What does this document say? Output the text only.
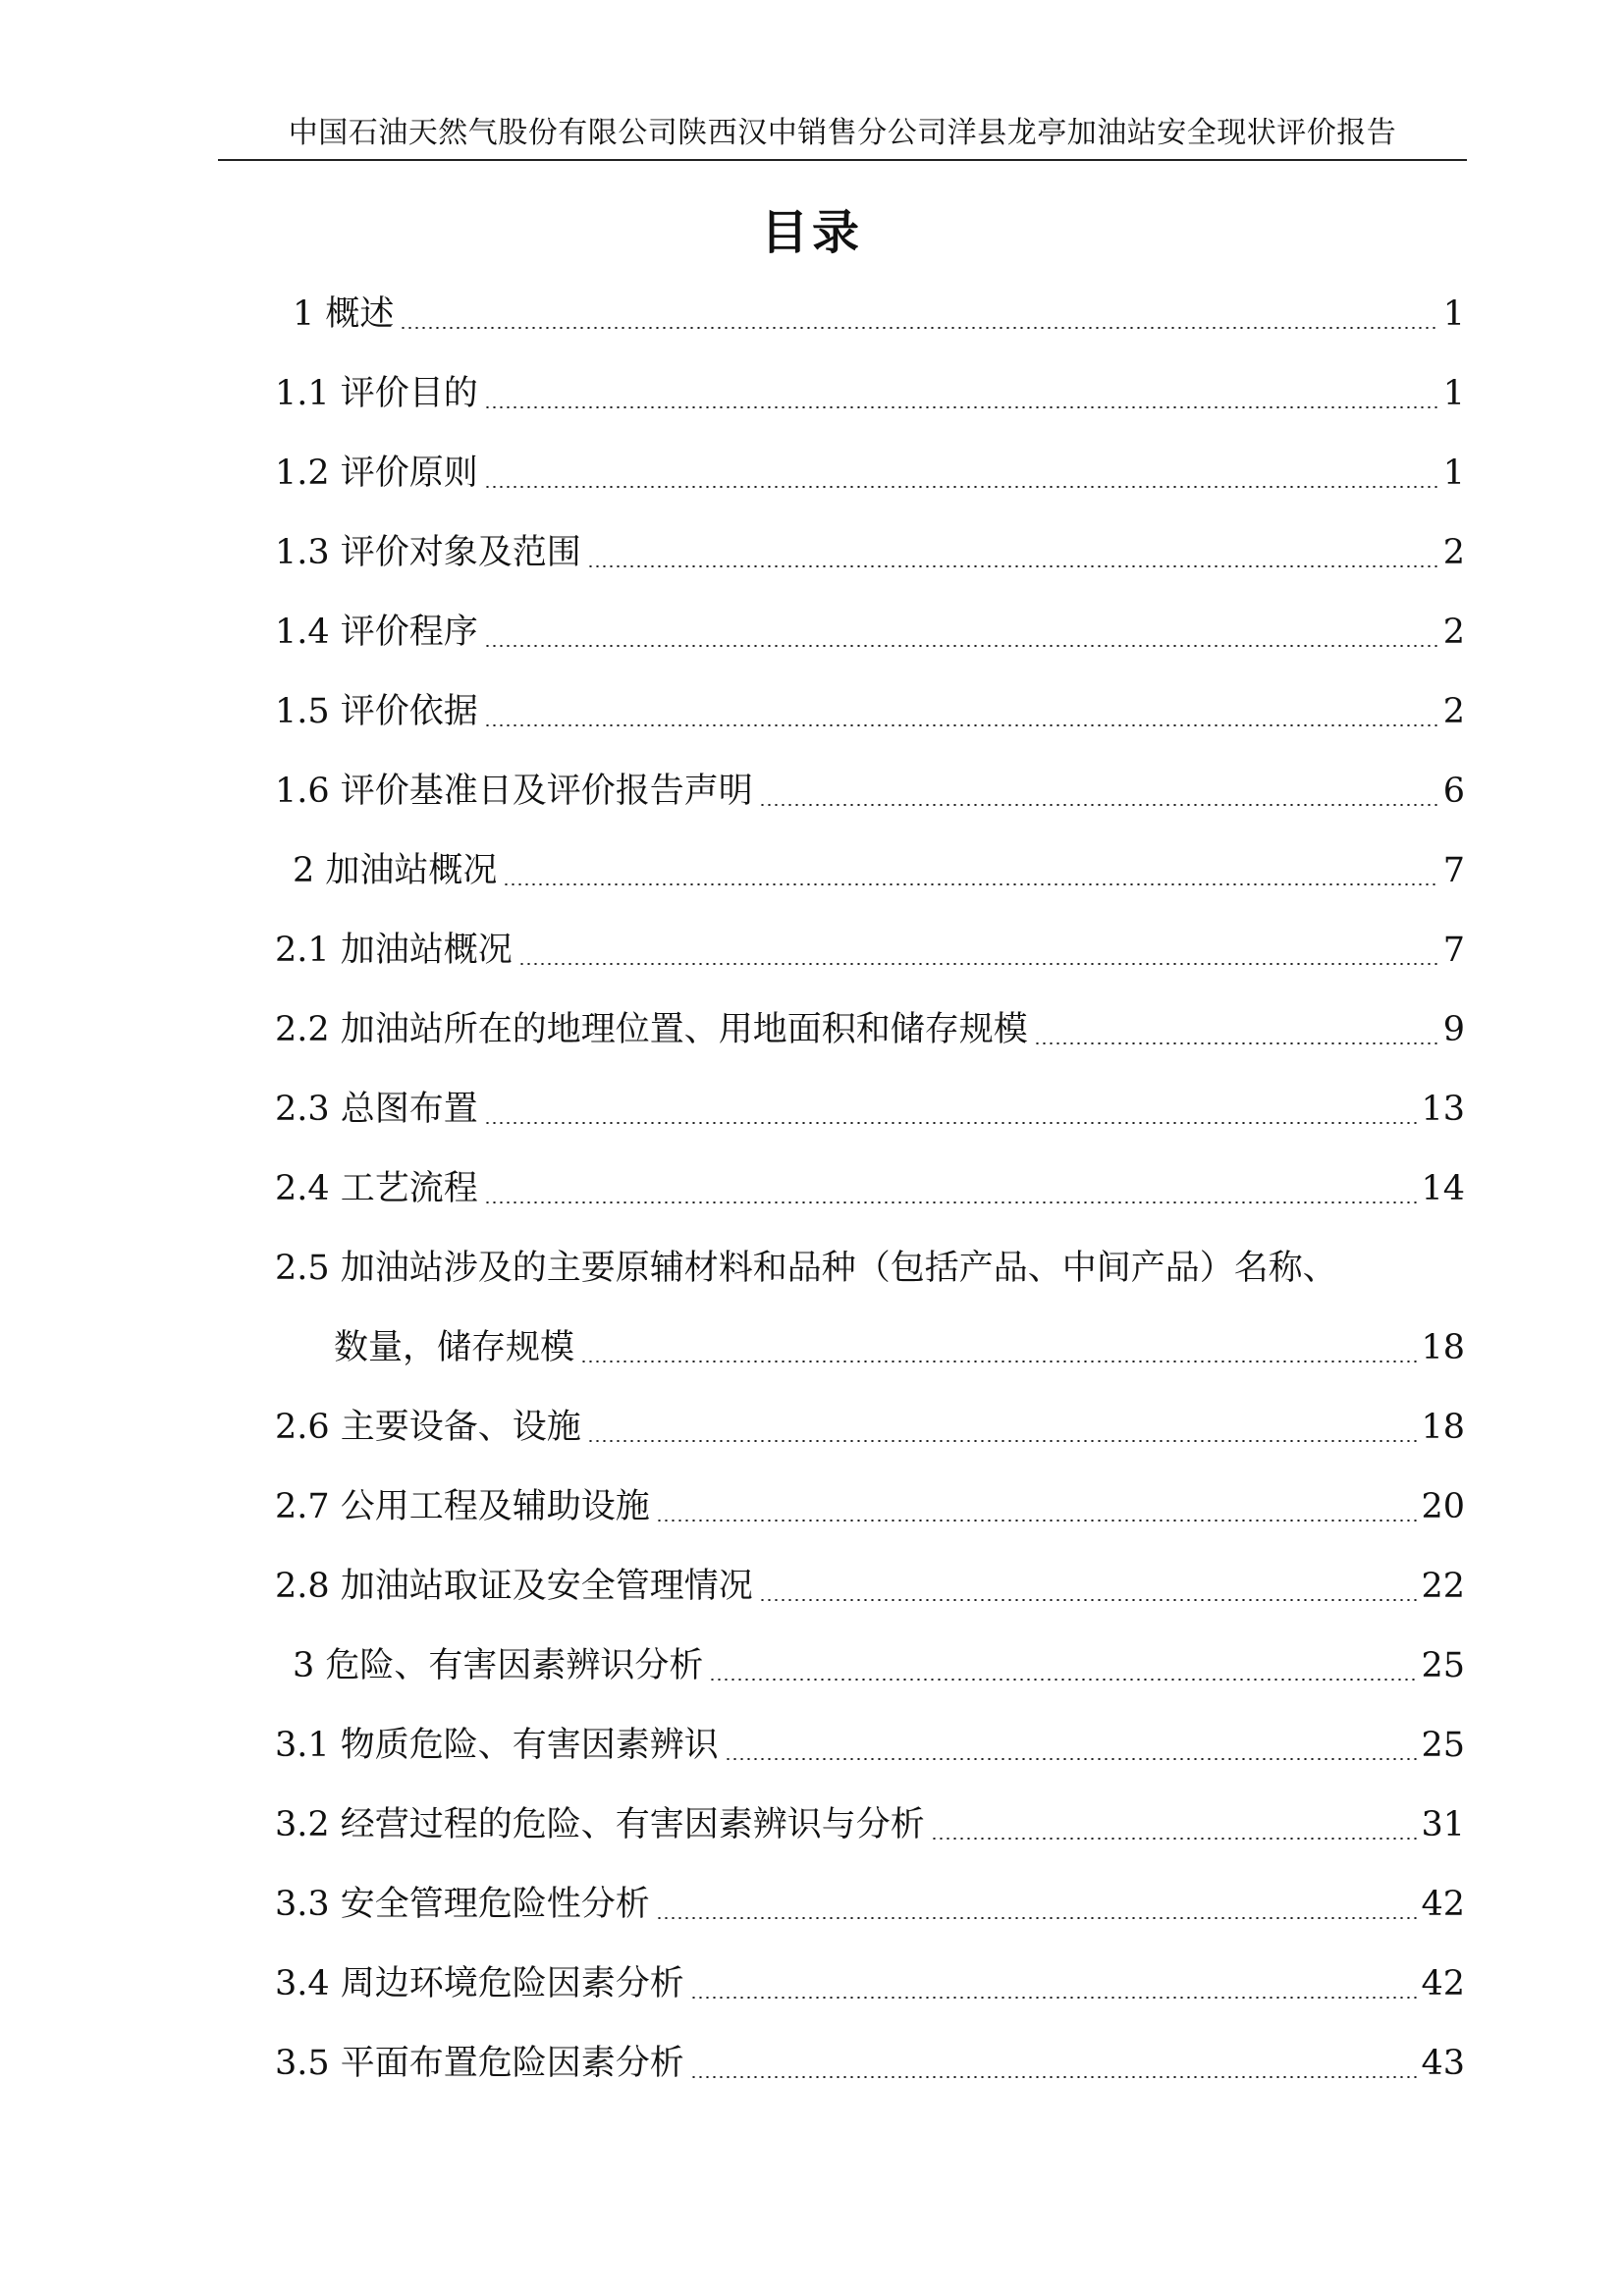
中国石油天然气股份有限公司陕西汉中销售分公司洋县龙亭加油站安全现状评价报告
目录
1 概述	1
1.1 评价目的	1
1.2 评价原则	1
1.3 评价对象及范围	2
1.4 评价程序	2
1.5 评价依据	2
1.6 评价基准日及评价报告声明	6
2 加油站概况	7
2.1 加油站概况	7
2.2 加油站所在的地理位置、用地面积和储存规模	9
2.3 总图布置	13
2.4 工艺流程	14
2.5 加油站涉及的主要原辅材料和品种（包括产品、中间产品）名称、
数量，储存规模	18
2.6 主要设备、设施	18
2.7 公用工程及辅助设施	20
2.8 加油站取证及安全管理情况	22
3 危险、有害因素辨识分析	25
3.1 物质危险、有害因素辨识	25
3.2 经营过程的危险、有害因素辨识与分析	31
3.3 安全管理危险性分析	42
3.4 周边环境危险因素分析	42
3.5 平面布置危险因素分析	43
